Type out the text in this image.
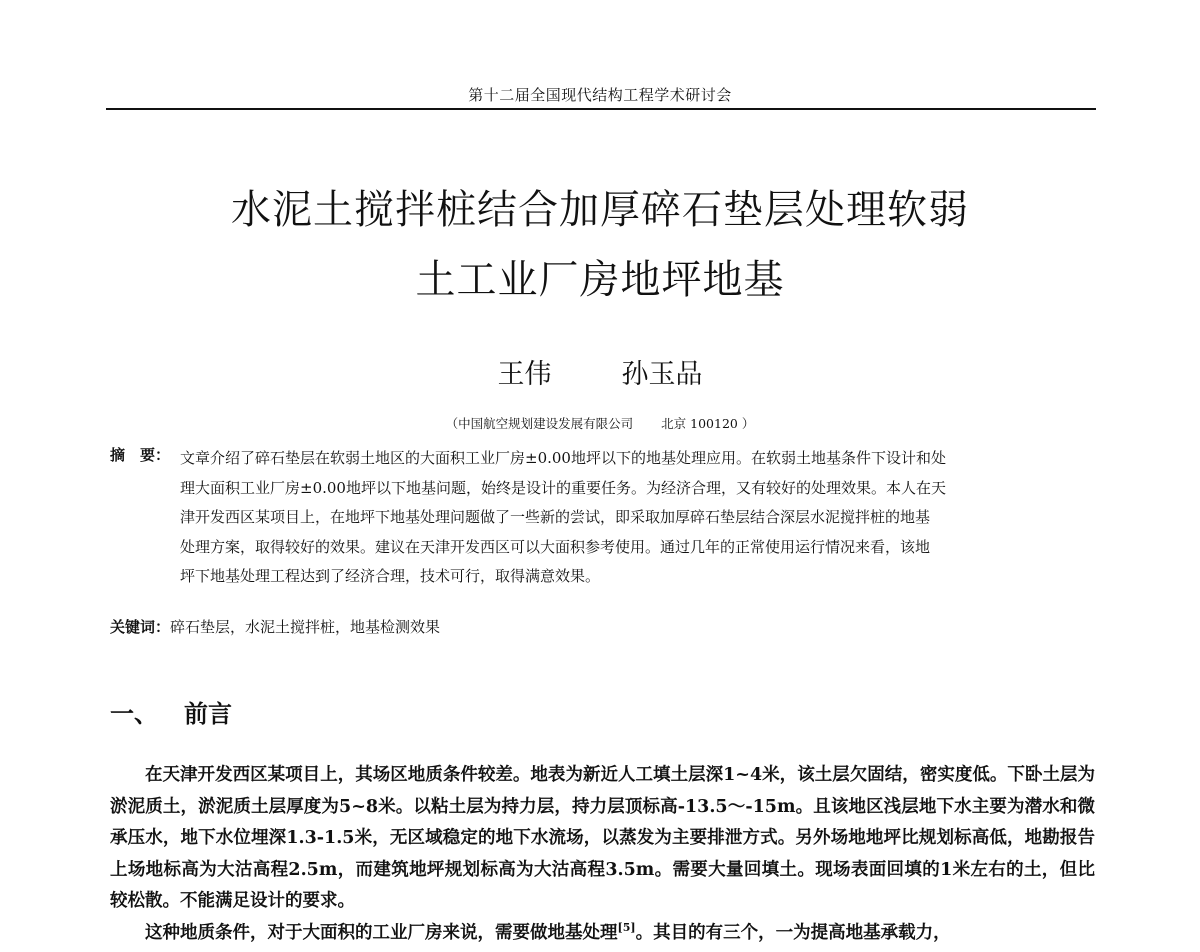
第十二届全国现代结构工程学术研讨会
水泥土搅拌桩结合加厚碎石垫层处理软弱
土工业厂房地坪地基
王伟	孙玉品
（中国航空规划建设发展有限公司 北京 100120 ）
摘　要： 文章介绍了碎石垫层在软弱土地区的大面积工业厂房±0.00地坪以下的地基处理应用。在软弱土地基条件下设计和处
理大面积工业厂房±0.00地坪以下地基问题，始终是设计的重要任务。为经济合理，又有较好的处理效果。本人在天
津开发西区某项目上，在地坪下地基处理问题做了一些新的尝试，即采取加厚碎石垫层结合深层水泥搅拌桩的地基
处理方案，取得较好的效果。建议在天津开发西区可以大面积参考使用。通过几年的正常使用运行情况来看，该地
坪下地基处理工程达到了经济合理，技术可行，取得满意效果。
关键词：碎石垫层，水泥土搅拌桩，地基检测效果
一、 前言

在天津开发西区某项目上，其场区地质条件较差。地表为新近人工填土层深1~4米，该土层欠固结，密实度低。下卧土层为淤泥质土，淤泥质土层厚度为5~8米。以粘土层为持力层，持力层顶标高-13.5～-15m。且该地区浅层地下水主要为潜水和微承压水，地下水位埋深1.3-1.5米，无区域稳定的地下水流场，以蒸发为主要排泄方式。另外场地地坪比规划标高低，地勘报告上场地标高为大沽高程2.5m，而建筑地坪规划标高为大沽高程3.5m。需要大量回填土。现场表面回填的1米左右的土，但比较松散。不能满足设计的要求。

这种地质条件，对于大面积的工业厂房来说，需要做地基处理[5]。其目的有三个，一为提高地基承载力，
